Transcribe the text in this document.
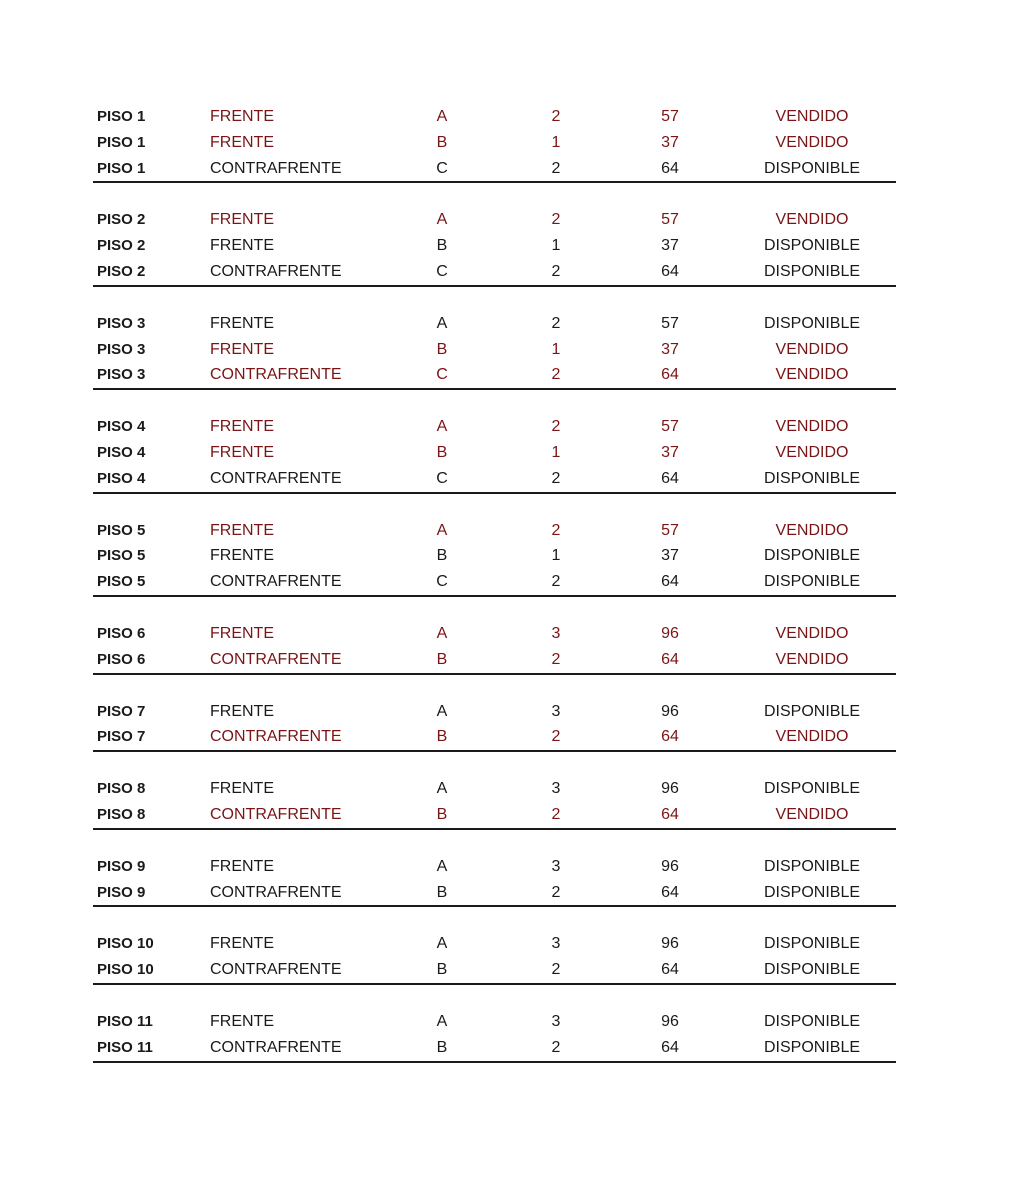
PISO 1	FRENTE	A	2	57	VENDIDO
PISO 1	FRENTE	B	1	37	VENDIDO
PISO 1	CONTRAFRENTE	C	2	64	DISPONIBLE
PISO 2	FRENTE	A	2	57	VENDIDO
PISO 2	FRENTE	B	1	37	DISPONIBLE
PISO 2	CONTRAFRENTE	C	2	64	DISPONIBLE
PISO 3	FRENTE	A	2	57	DISPONIBLE
PISO 3	FRENTE	B	1	37	VENDIDO
PISO 3	CONTRAFRENTE	C	2	64	VENDIDO
PISO 4	FRENTE	A	2	57	VENDIDO
PISO 4	FRENTE	B	1	37	VENDIDO
PISO 4	CONTRAFRENTE	C	2	64	DISPONIBLE
PISO 5	FRENTE	A	2	57	VENDIDO
PISO 5	FRENTE	B	1	37	DISPONIBLE
PISO 5	CONTRAFRENTE	C	2	64	DISPONIBLE
PISO 6	FRENTE	A	3	96	VENDIDO
PISO 6	CONTRAFRENTE	B	2	64	VENDIDO
PISO 7	FRENTE	A	3	96	DISPONIBLE
PISO 7	CONTRAFRENTE	B	2	64	VENDIDO
PISO 8	FRENTE	A	3	96	DISPONIBLE
PISO 8	CONTRAFRENTE	B	2	64	VENDIDO
PISO 9	FRENTE	A	3	96	DISPONIBLE
PISO 9	CONTRAFRENTE	B	2	64	DISPONIBLE
PISO 10	FRENTE	A	3	96	DISPONIBLE
PISO 10	CONTRAFRENTE	B	2	64	DISPONIBLE
PISO 11	FRENTE	A	3	96	DISPONIBLE
PISO 11	CONTRAFRENTE	B	2	64	DISPONIBLE
